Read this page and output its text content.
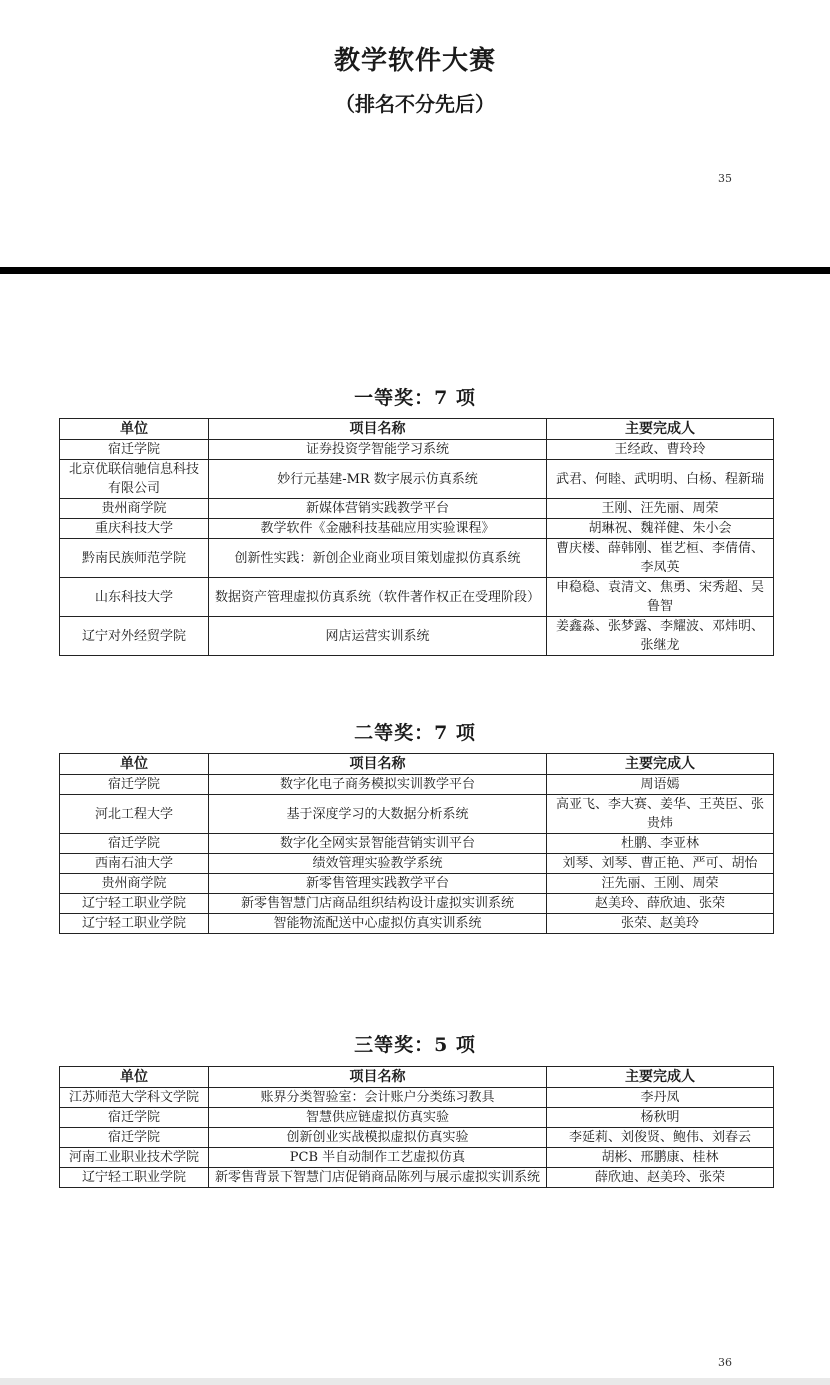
教学软件大赛
（排名不分先后）
35
一等奖：7 项
单位	项目名称	主要完成人
宿迁学院	证券投资学智能学习系统	王经政、曹玲玲
北京优联信驰信息科技有限公司	妙行元基建-MR 数字展示仿真系统	武君、何睦、武明明、白杨、程新瑞
贵州商学院	新媒体营销实践教学平台	王刚、汪先丽、周荣
重庆科技大学	教学软件《金融科技基础应用实验课程》	胡琳祝、魏祥健、朱小会
黔南民族师范学院	创新性实践：新创企业商业项目策划虚拟仿真系统	曹庆楼、薛韩刚、崔艺桓、李倩倩、李凤英
山东科技大学	数据资产管理虚拟仿真系统（软件著作权正在受理阶段）	申稳稳、袁清文、焦勇、宋秀超、吴鲁智
辽宁对外经贸学院	网店运营实训系统	姜鑫淼、张梦露、李耀波、邓炜明、张继龙
二等奖：7 项
单位	项目名称	主要完成人
宿迁学院	数字化电子商务模拟实训教学平台	周语嫣
河北工程大学	基于深度学习的大数据分析系统	高亚飞、李大赛、姜华、王英臣、张贵炜
宿迁学院	数字化全网实景智能营销实训平台	杜鹏、李亚林
西南石油大学	绩效管理实验教学系统	刘琴、刘琴、曹正艳、严可、胡怡
贵州商学院	新零售管理实践教学平台	汪先丽、王刚、周荣
辽宁轻工职业学院	新零售智慧门店商品组织结构设计虚拟实训系统	赵美玲、薛欣迪、张荣
辽宁轻工职业学院	智能物流配送中心虚拟仿真实训系统	张荣、赵美玲
三等奖：5 项
单位	项目名称	主要完成人
江苏师范大学科文学院	账界分类智验室：会计账户分类练习教具	李丹凤
宿迁学院	智慧供应链虚拟仿真实验	杨秋明
宿迁学院	创新创业实战模拟虚拟仿真实验	李延莉、刘俊贤、鲍伟、刘春云
河南工业职业技术学院	PCB 半自动制作工艺虚拟仿真	胡彬、邢鹏康、桂林
辽宁轻工职业学院	新零售背景下智慧门店促销商品陈列与展示虚拟实训系统	薛欣迪、赵美玲、张荣
36
